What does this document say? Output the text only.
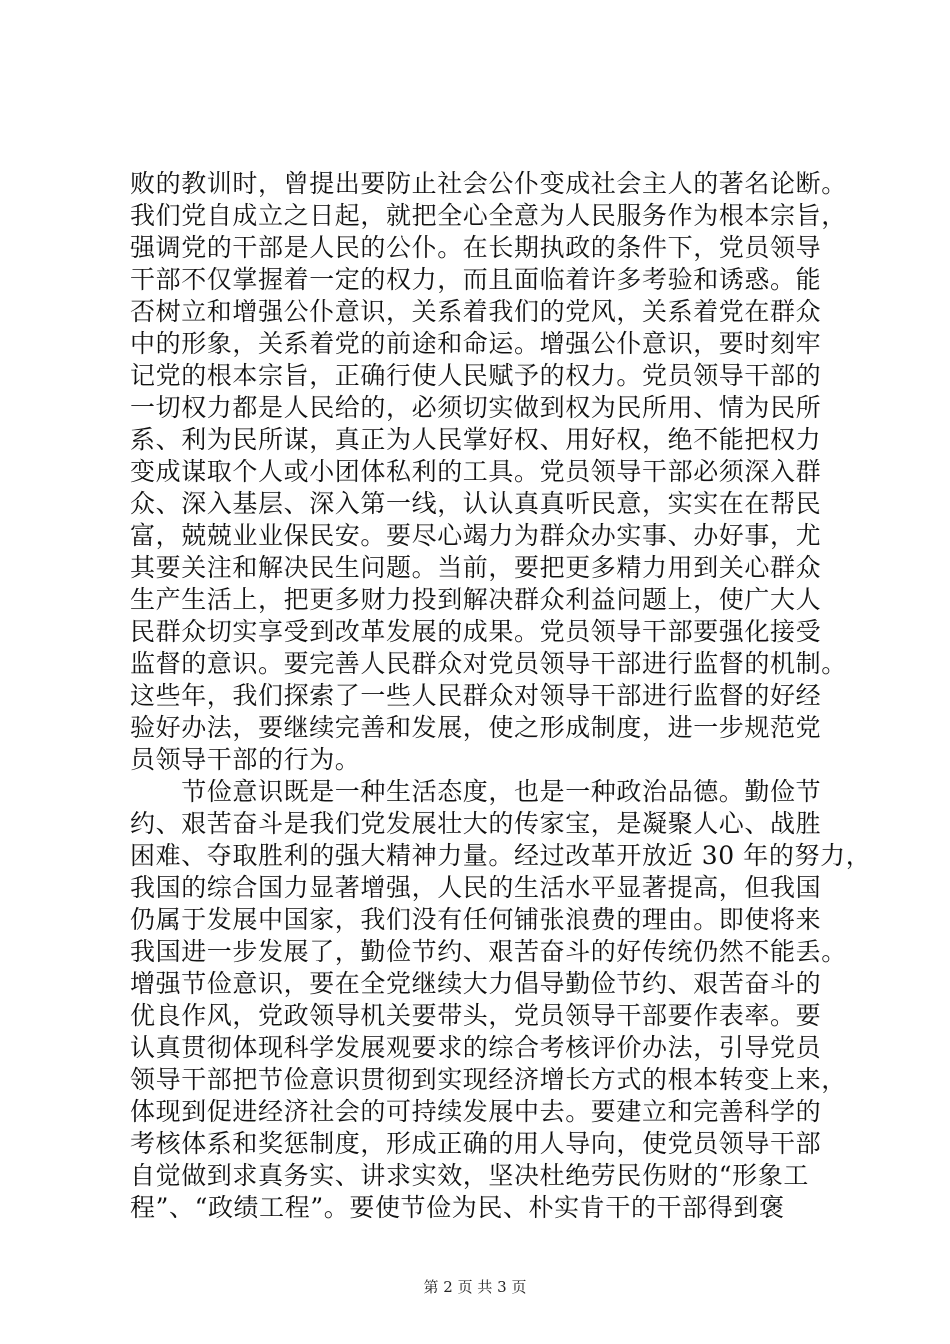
败的教训时，曾提出要防止社会公仆变成社会主人的著名论断。
我们党自成立之日起，就把全心全意为人民服务作为根本宗旨，
强调党的干部是人民的公仆。在长期执政的条件下，党员领导
干部不仅掌握着一定的权力，而且面临着许多考验和诱惑。能
否树立和增强公仆意识，关系着我们的党风，关系着党在群众
中的形象，关系着党的前途和命运。增强公仆意识，要时刻牢
记党的根本宗旨，正确行使人民赋予的权力。党员领导干部的
一切权力都是人民给的，必须切实做到权为民所用、情为民所
系、利为民所谋，真正为人民掌好权、用好权，绝不能把权力
变成谋取个人或小团体私利的工具。党员领导干部必须深入群
众、深入基层、深入第一线，认认真真听民意，实实在在帮民
富，兢兢业业保民安。要尽心竭力为群众办实事、办好事，尤
其要关注和解决民生问题。当前，要把更多精力用到关心群众
生产生活上，把更多财力投到解决群众利益问题上，使广大人
民群众切实享受到改革发展的成果。党员领导干部要强化接受
监督的意识。要完善人民群众对党员领导干部进行监督的机制。
这些年，我们探索了一些人民群众对领导干部进行监督的好经
验好办法，要继续完善和发展，使之形成制度，进一步规范党
员领导干部的行为。
　　节俭意识既是一种生活态度，也是一种政治品德。勤俭节
约、艰苦奋斗是我们党发展壮大的传家宝，是凝聚人心、战胜
困难、夺取胜利的强大精神力量。经过改革开放近 30 年的努力，
我国的综合国力显著增强，人民的生活水平显著提高，但我国
仍属于发展中国家，我们没有任何铺张浪费的理由。即使将来
我国进一步发展了，勤俭节约、艰苦奋斗的好传统仍然不能丢。
增强节俭意识，要在全党继续大力倡导勤俭节约、艰苦奋斗的
优良作风，党政领导机关要带头，党员领导干部要作表率。要
认真贯彻体现科学发展观要求的综合考核评价办法，引导党员
领导干部把节俭意识贯彻到实现经济增长方式的根本转变上来，
体现到促进经济社会的可持续发展中去。要建立和完善科学的
考核体系和奖惩制度，形成正确的用人导向，使党员领导干部
自觉做到求真务实、讲求实效，坚决杜绝劳民伤财的“形象工
程”、“政绩工程”。要使节俭为民、朴实肯干的干部得到褒
第 2 页 共 3 页
